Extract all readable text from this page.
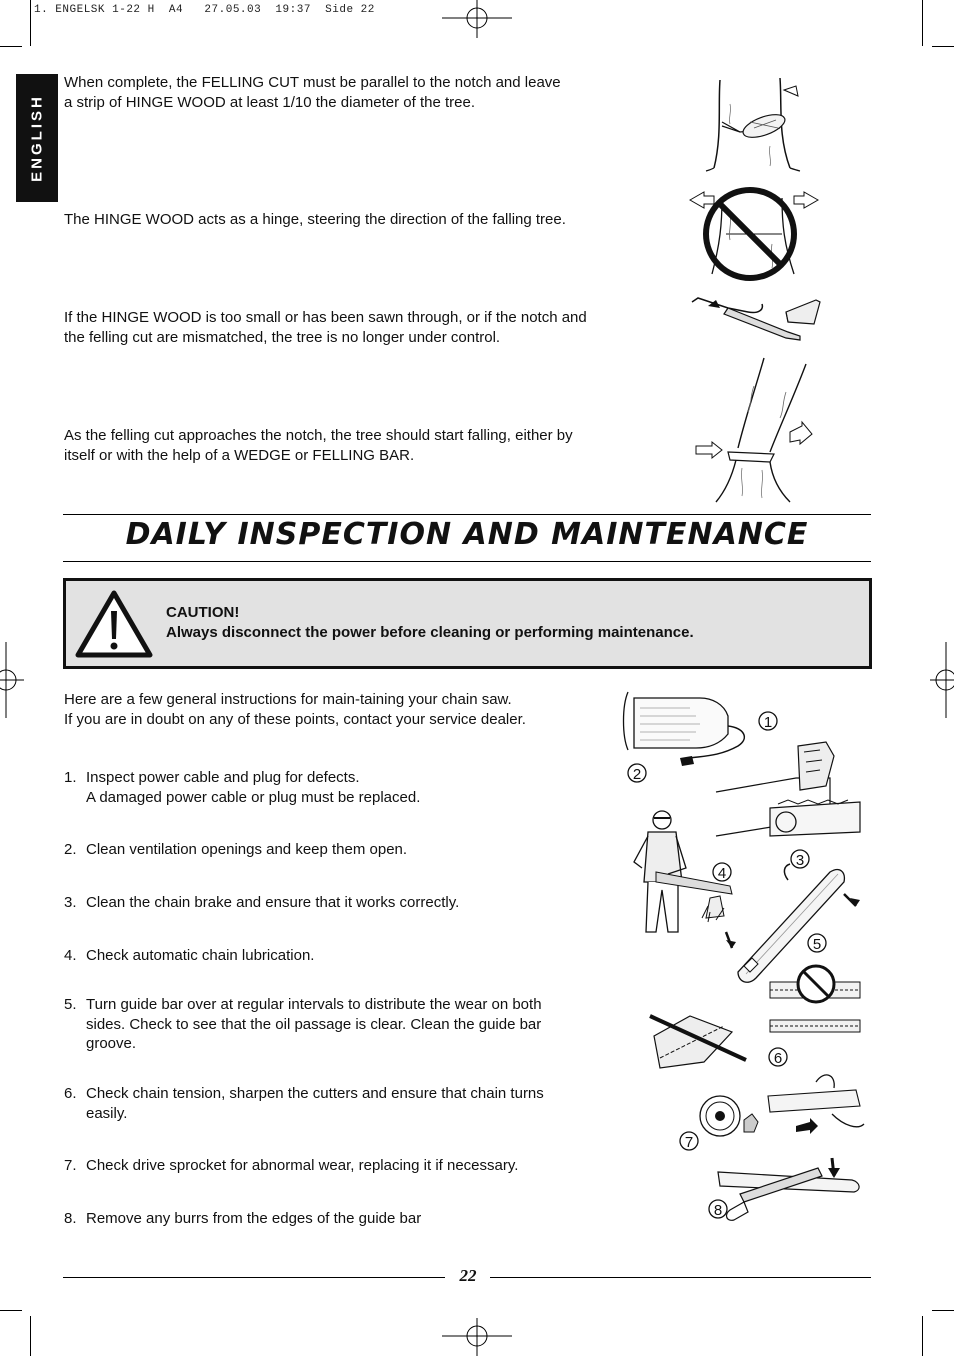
1. ENGELSK 1-22 H  A4   27.05.03  19:37  Side 22
ENGLISH
When complete, the FELLING CUT must be parallel to the notch and leave
a strip of HINGE WOOD at least 1/10 the diameter of the tree.
The HINGE WOOD acts as a hinge, steering the direction of the falling tree.
If the HINGE WOOD is too small or has been sawn through, or if the notch and
the felling cut are mismatched, the tree is no longer under control.
As the felling cut approaches the notch, the tree should start falling, either by
itself or with the help of a WEDGE or FELLING BAR.
DAILY INSPECTION AND MAINTENANCE
CAUTION!
Always disconnect the power before cleaning or performing maintenance.
Here are a few general instructions for main-taining your chain saw.
If you are in doubt on any of these points, contact your service dealer.
1. Inspect power cable and plug for defects.
A damaged power cable or plug must be replaced.
2. Clean ventilation openings and keep them open.
3. Clean the chain brake and ensure that it works correctly.
4. Check automatic chain lubrication.
5. Turn guide bar over at regular intervals to distribute the wear on both
sides. Check to see that the oil passage is clear. Clean the guide bar
groove.
6. Check chain tension, sharpen the cutters and ensure that chain turns
easily.
7. Check drive sprocket for abnormal wear, replacing it if necessary.
8. Remove any burrs from the edges of the guide bar
1
2
3
4
5
6
7
8
22
